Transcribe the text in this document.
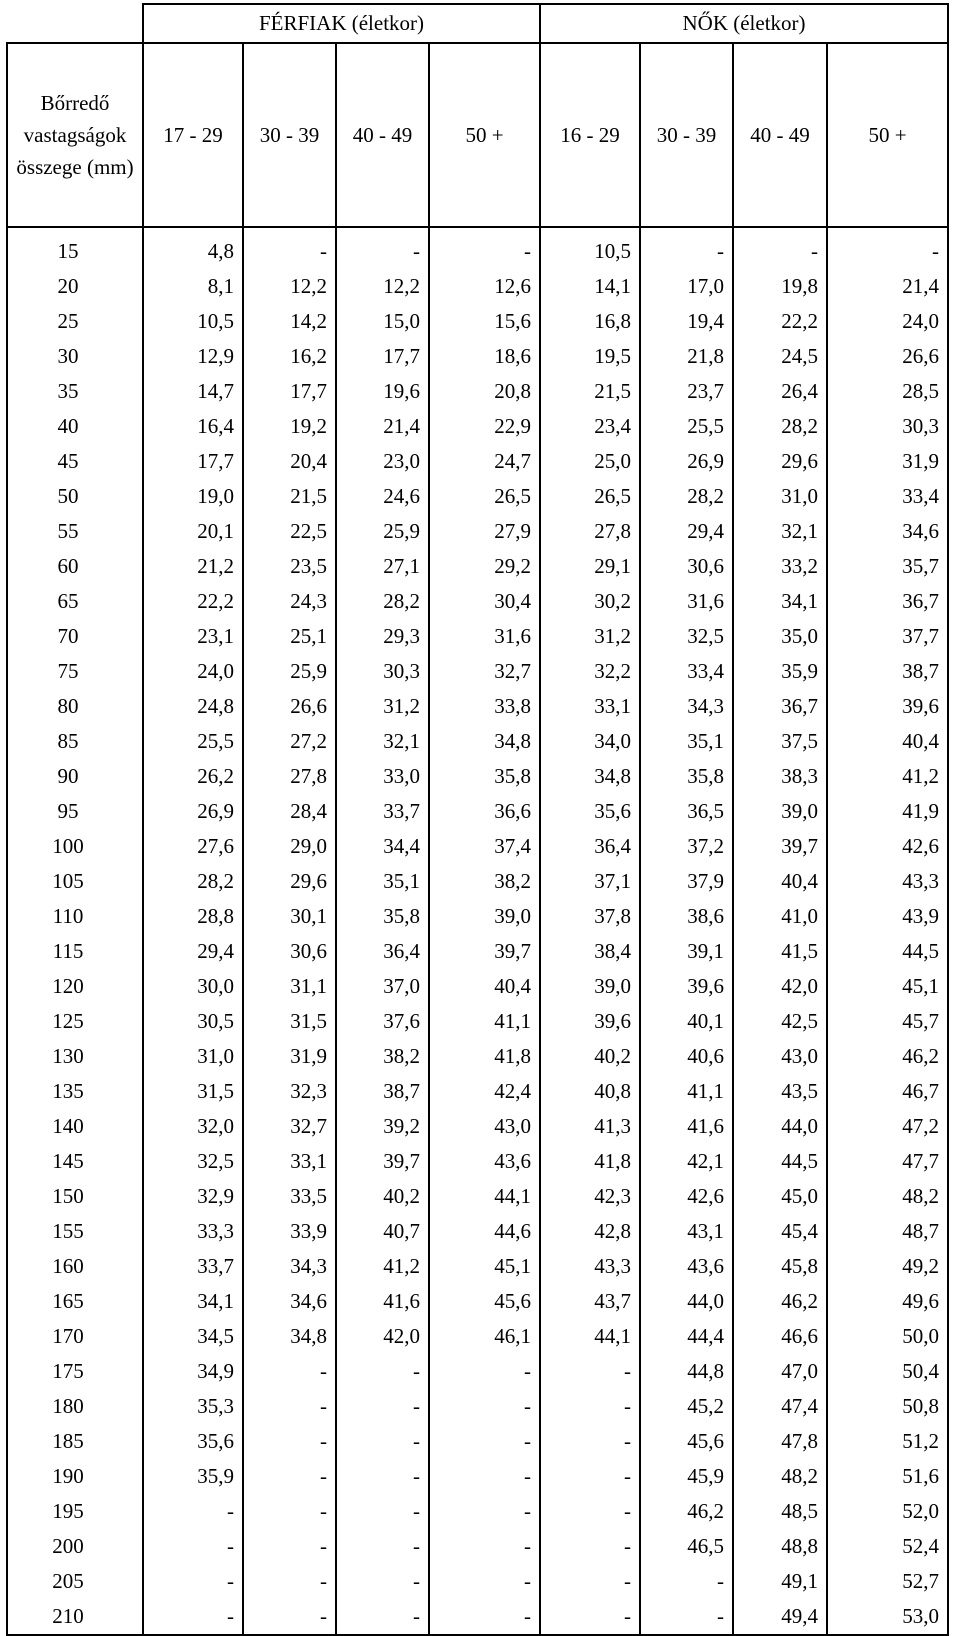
	FÉRFIAK (életkor)				NŐK (életkor)			
Bőrredő vastagságok összege (mm)	17 - 29	30 - 39	40 - 49	50 +	16 - 29	30 - 39	40 - 49	50 +
15	4,8	-	-	-	10,5	-	-	-
20	8,1	12,2	12,2	12,6	14,1	17,0	19,8	21,4
25	10,5	14,2	15,0	15,6	16,8	19,4	22,2	24,0
30	12,9	16,2	17,7	18,6	19,5	21,8	24,5	26,6
35	14,7	17,7	19,6	20,8	21,5	23,7	26,4	28,5
40	16,4	19,2	21,4	22,9	23,4	25,5	28,2	30,3
45	17,7	20,4	23,0	24,7	25,0	26,9	29,6	31,9
50	19,0	21,5	24,6	26,5	26,5	28,2	31,0	33,4
55	20,1	22,5	25,9	27,9	27,8	29,4	32,1	34,6
60	21,2	23,5	27,1	29,2	29,1	30,6	33,2	35,7
65	22,2	24,3	28,2	30,4	30,2	31,6	34,1	36,7
70	23,1	25,1	29,3	31,6	31,2	32,5	35,0	37,7
75	24,0	25,9	30,3	32,7	32,2	33,4	35,9	38,7
80	24,8	26,6	31,2	33,8	33,1	34,3	36,7	39,6
85	25,5	27,2	32,1	34,8	34,0	35,1	37,5	40,4
90	26,2	27,8	33,0	35,8	34,8	35,8	38,3	41,2
95	26,9	28,4	33,7	36,6	35,6	36,5	39,0	41,9
100	27,6	29,0	34,4	37,4	36,4	37,2	39,7	42,6
105	28,2	29,6	35,1	38,2	37,1	37,9	40,4	43,3
110	28,8	30,1	35,8	39,0	37,8	38,6	41,0	43,9
115	29,4	30,6	36,4	39,7	38,4	39,1	41,5	44,5
120	30,0	31,1	37,0	40,4	39,0	39,6	42,0	45,1
125	30,5	31,5	37,6	41,1	39,6	40,1	42,5	45,7
130	31,0	31,9	38,2	41,8	40,2	40,6	43,0	46,2
135	31,5	32,3	38,7	42,4	40,8	41,1	43,5	46,7
140	32,0	32,7	39,2	43,0	41,3	41,6	44,0	47,2
145	32,5	33,1	39,7	43,6	41,8	42,1	44,5	47,7
150	32,9	33,5	40,2	44,1	42,3	42,6	45,0	48,2
155	33,3	33,9	40,7	44,6	42,8	43,1	45,4	48,7
160	33,7	34,3	41,2	45,1	43,3	43,6	45,8	49,2
165	34,1	34,6	41,6	45,6	43,7	44,0	46,2	49,6
170	34,5	34,8	42,0	46,1	44,1	44,4	46,6	50,0
175	34,9	-	-	-	-	44,8	47,0	50,4
180	35,3	-	-	-	-	45,2	47,4	50,8
185	35,6	-	-	-	-	45,6	47,8	51,2
190	35,9	-	-	-	-	45,9	48,2	51,6
195	-	-	-	-	-	46,2	48,5	52,0
200	-	-	-	-	-	46,5	48,8	52,4
205	-	-	-	-	-	-	49,1	52,7
210	-	-	-	-	-	-	49,4	53,0
